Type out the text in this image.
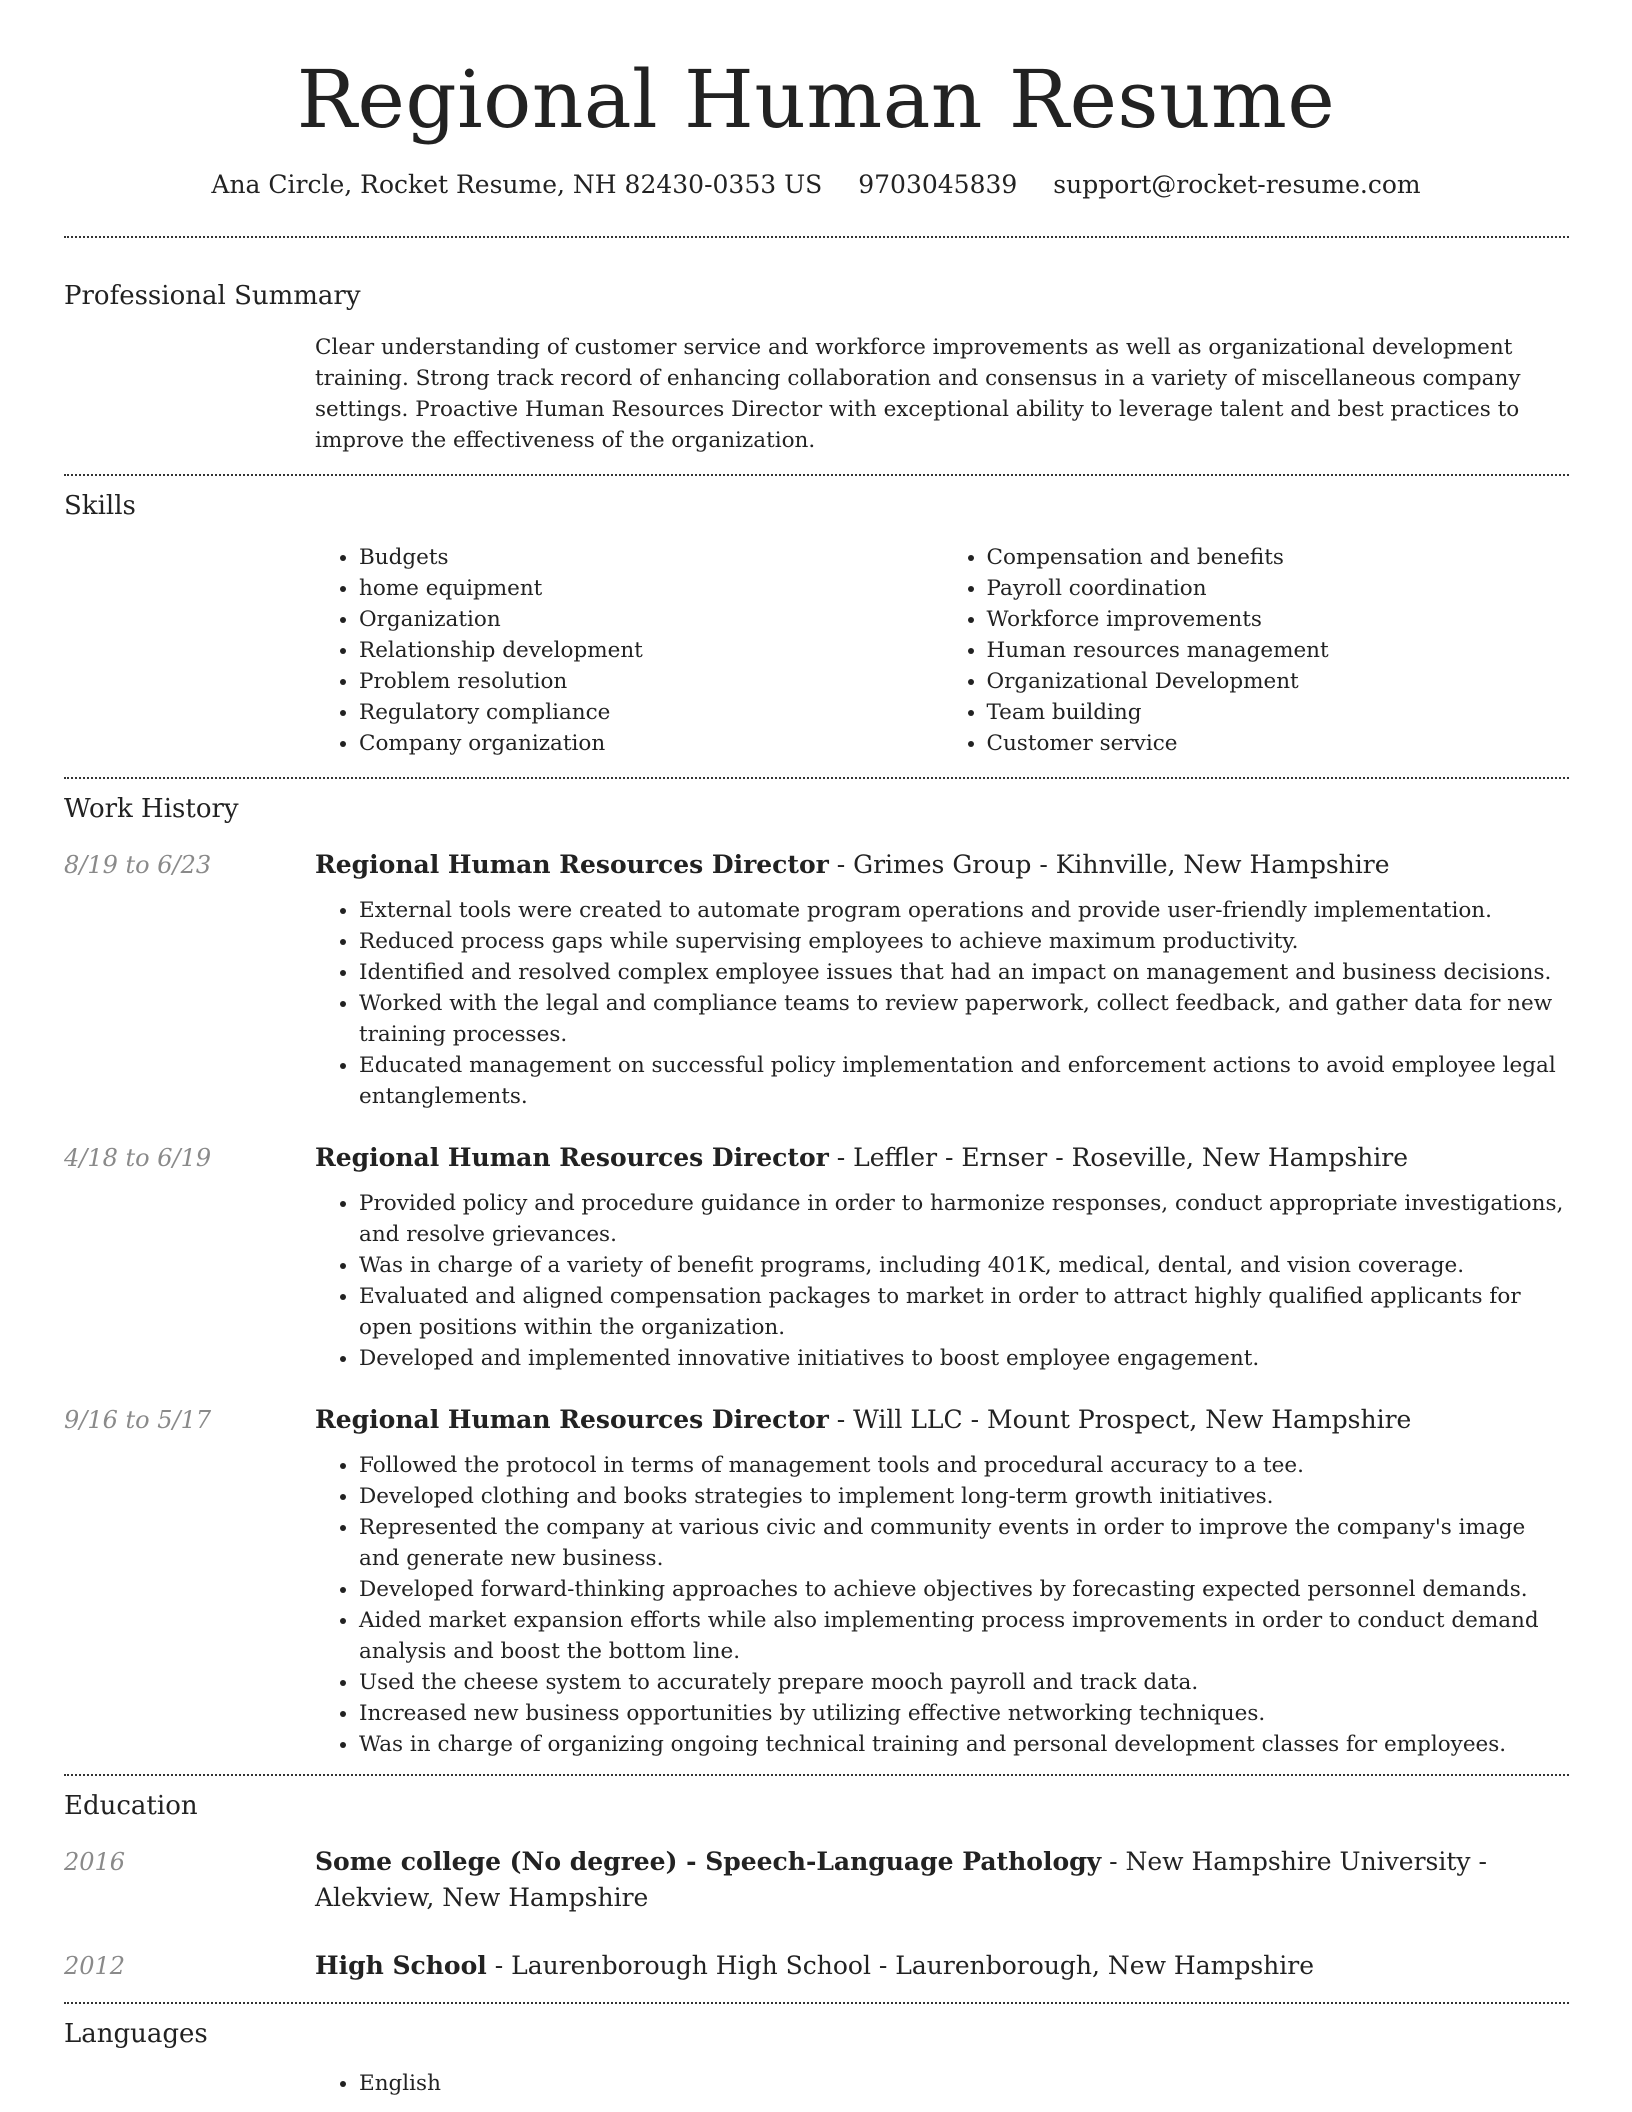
Regional Human Resume
Ana Circle, Rocket Resume, NH 82430-0353 US 9703045839 support@rocket-resume.com
Professional Summary
Clear understanding of customer service and workforce improvements as well as organizational development training. Strong track record of enhancing collaboration and consensus in a variety of miscellaneous company settings. Proactive Human Resources Director with exceptional ability to leverage talent and best practices to improve the effectiveness of the organization.
Skills
• Budgets
• home equipment
• Organization
• Relationship development
• Problem resolution
• Regulatory compliance
• Company organization
• Compensation and benefits
• Payroll coordination
• Workforce improvements
• Human resources management
• Organizational Development
• Team building
• Customer service
Work History
8/19 to 6/23	Regional Human Resources Director - Grimes Group - Kihnville, New Hampshire
• External tools were created to automate program operations and provide user-friendly implementation.
• Reduced process gaps while supervising employees to achieve maximum productivity.
• Identified and resolved complex employee issues that had an impact on management and business decisions.
• Worked with the legal and compliance teams to review paperwork, collect feedback, and gather data for new training processes.
• Educated management on successful policy implementation and enforcement actions to avoid employee legal entanglements.
4/18 to 6/19	Regional Human Resources Director - Leffler - Ernser - Roseville, New Hampshire
• Provided policy and procedure guidance in order to harmonize responses, conduct appropriate investigations, and resolve grievances.
• Was in charge of a variety of benefit programs, including 401K, medical, dental, and vision coverage.
• Evaluated and aligned compensation packages to market in order to attract highly qualified applicants for open positions within the organization.
• Developed and implemented innovative initiatives to boost employee engagement.
9/16 to 5/17	Regional Human Resources Director - Will LLC - Mount Prospect, New Hampshire
• Followed the protocol in terms of management tools and procedural accuracy to a tee.
• Developed clothing and books strategies to implement long-term growth initiatives.
• Represented the company at various civic and community events in order to improve the company's image and generate new business.
• Developed forward-thinking approaches to achieve objectives by forecasting expected personnel demands.
• Aided market expansion efforts while also implementing process improvements in order to conduct demand analysis and boost the bottom line.
• Used the cheese system to accurately prepare mooch payroll and track data.
• Increased new business opportunities by utilizing effective networking techniques.
• Was in charge of organizing ongoing technical training and personal development classes for employees.
Education
2016	Some college (No degree) - Speech-Language Pathology - New Hampshire University - Alekview, New Hampshire
2012	High School - Laurenborough High School - Laurenborough, New Hampshire
Languages
• English
